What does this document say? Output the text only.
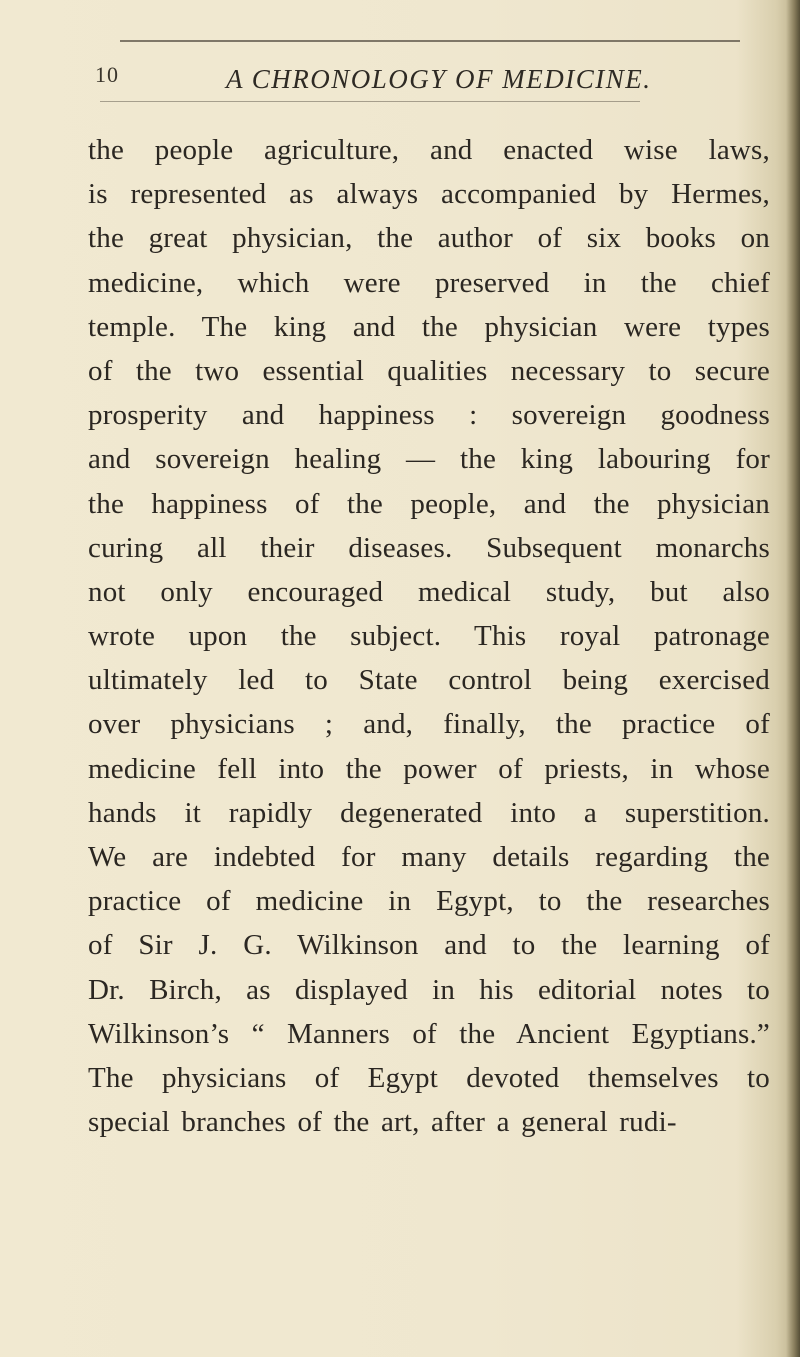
10	A CHRONOLOGY OF MEDICINE.
the people agriculture, and enacted wise laws,
is represented as always accompanied by Hermes,
the great physician, the author of six books on
medicine, which were preserved in the chief
temple. The king and the physician were types
of the two essential qualities necessary to secure
prosperity and happiness : sovereign goodness
and sovereign healing — the king labouring for
the happiness of the people, and the physician
curing all their diseases. Subsequent monarchs
not only encouraged medical study, but also
wrote upon the subject. This royal patronage
ultimately led to State control being exercised
over physicians ; and, finally, the practice of
medicine fell into the power of priests, in whose
hands it rapidly degenerated into a superstition.
We are indebted for many details regarding the
practice of medicine in Egypt, to the researches
of Sir J. G. Wilkinson and to the learning of
Dr. Birch, as displayed in his editorial notes to
Wilkinson’s “ Manners of the Ancient Egyptians.”
The physicians of Egypt devoted themselves to
special branches of the art, after a general rudi-
